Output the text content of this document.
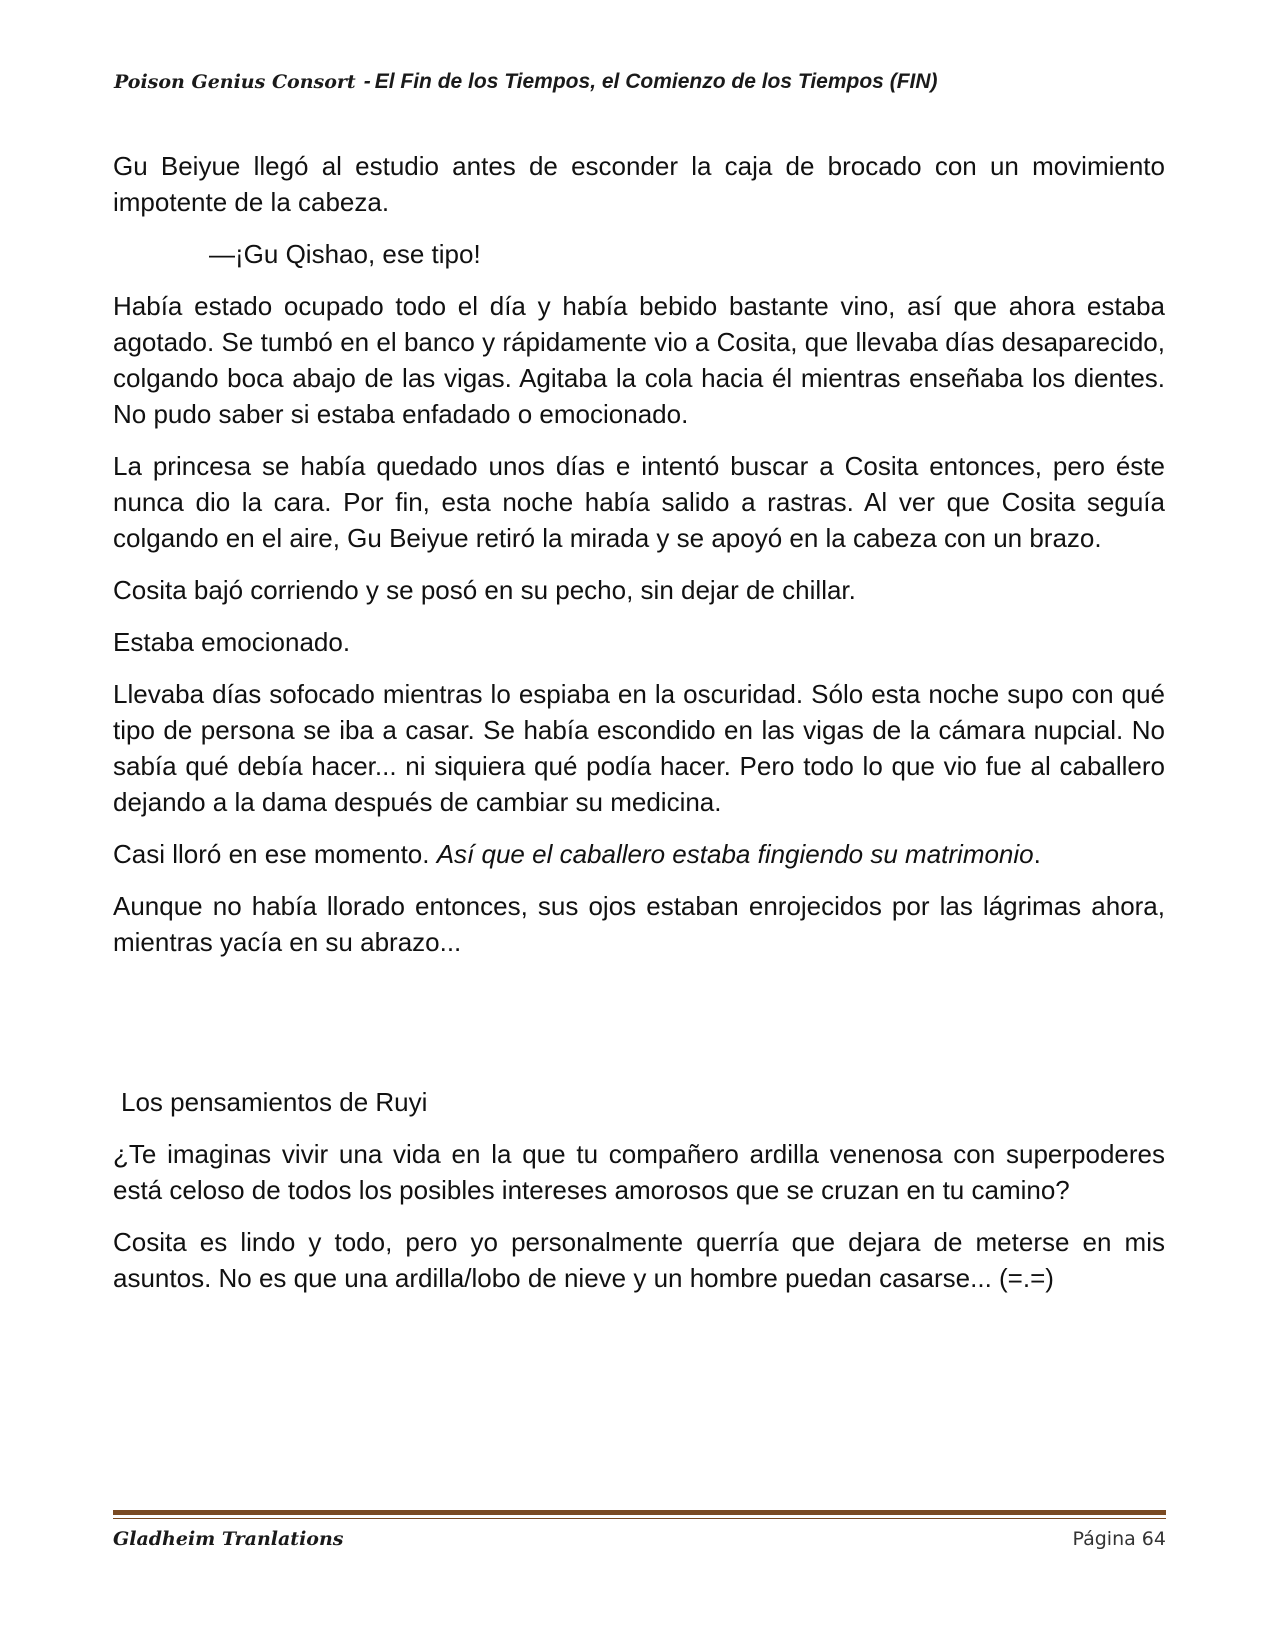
Poison Genius Consort - El Fin de los Tiempos, el Comienzo de los Tiempos (FIN)

Gu Beiyue llegó al estudio antes de esconder la caja de brocado con un movimiento impotente de la cabeza.

—¡Gu Qishao, ese tipo!

Había estado ocupado todo el día y había bebido bastante vino, así que ahora estaba agotado. Se tumbó en el banco y rápidamente vio a Cosita, que llevaba días desaparecido, colgando boca abajo de las vigas. Agitaba la cola hacia él mientras enseñaba los dientes. No pudo saber si estaba enfadado o emocionado.

La princesa se había quedado unos días e intentó buscar a Cosita entonces, pero éste nunca dio la cara. Por fin, esta noche había salido a rastras. Al ver que Cosita seguía colgando en el aire, Gu Beiyue retiró la mirada y se apoyó en la cabeza con un brazo.

Cosita bajó corriendo y se posó en su pecho, sin dejar de chillar.

Estaba emocionado.

Llevaba días sofocado mientras lo espiaba en la oscuridad. Sólo esta noche supo con qué tipo de persona se iba a casar. Se había escondido en las vigas de la cámara nupcial. No sabía qué debía hacer... ni siquiera qué podía hacer. Pero todo lo que vio fue al caballero dejando a la dama después de cambiar su medicina.

Casi lloró en ese momento. Así que el caballero estaba fingiendo su matrimonio.

Aunque no había llorado entonces, sus ojos estaban enrojecidos por las lágrimas ahora, mientras yacía en su abrazo...

Los pensamientos de Ruyi

¿Te imaginas vivir una vida en la que tu compañero ardilla venenosa con superpoderes está celoso de todos los posibles intereses amorosos que se cruzan en tu camino?

Cosita es lindo y todo, pero yo personalmente querría que dejara de meterse en mis asuntos. No es que una ardilla/lobo de nieve y un hombre puedan casarse... (=.=)

Gladheim Tranlations	Página 64
